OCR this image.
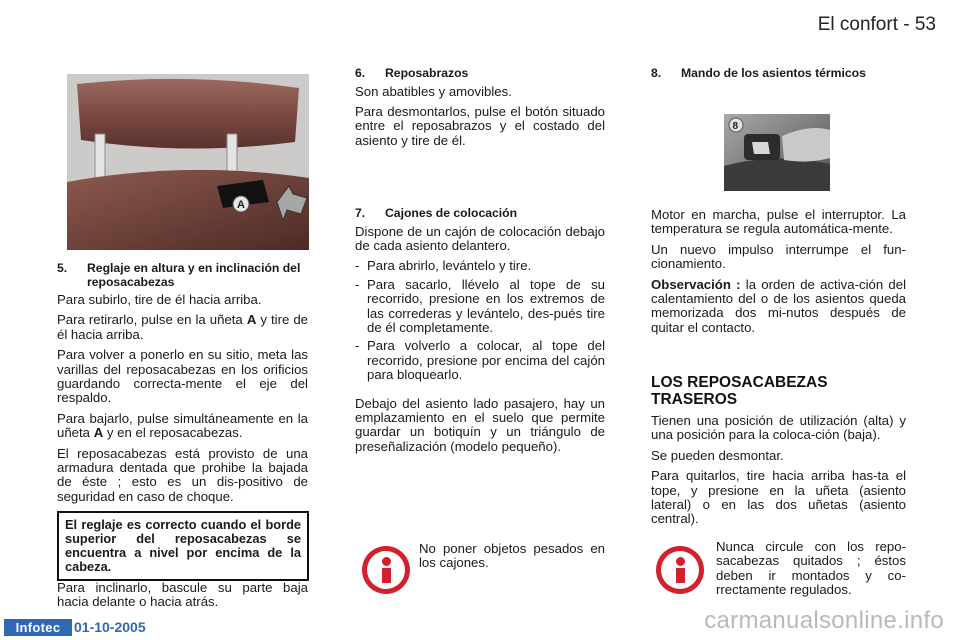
El confort - 53
A
5.	Reglaje en altura y en inclinación del reposacabezas

Para subirlo, tire de él hacia arriba.

Para retirarlo, pulse en la uñeta A y tire de él hacia arriba.

Para volver a ponerlo en su sitio, meta las varillas del reposacabezas en los orificios guardando correcta-mente el eje del respaldo.

Para bajarlo, pulse simultáneamente en la uñeta A y en el reposacabezas.

El reposacabezas está provisto de una armadura dentada que prohibe la bajada de éste ; esto es un dis-positivo de seguridad en caso de choque.

El reglaje es correcto cuando el borde superior del reposacabezas se encuentra a nivel por encima de la cabeza.

Para inclinarlo, bascule su parte baja hacia delante o hacia atrás.

6.	Reposabrazos

Son abatibles y amovibles.

Para desmontarlos, pulse el botón situado entre el reposabrazos y el costado del asiento y tire de él.

7.	Cajones de colocación

Dispone de un cajón de colocación debajo de cada asiento delantero.

- Para abrirlo, levántelo y tire.
- Para sacarlo, llévelo al tope de su recorrido, presione en los extremos de las correderas y levántelo, des-pués tire de él completamente.
- Para volverlo a colocar, al tope del recorrido, presione por encima del cajón para bloquearlo.

Debajo del asiento lado pasajero, hay un emplazamiento en el suelo que permite guardar un botiquín y un triángulo de preseñalización (modelo pequeño).

No poner objetos pesados en los cajones.
8.	Mando de los asientos térmicos
8

Motor en marcha, pulse el interruptor. La temperatura se regula automática-mente.

Un nuevo impulso interrumpe el fun-cionamiento.

Observación : la orden de activa-ción del calentamiento del o de los asientos queda memorizada dos mi-nutos después de quitar el contacto.

LOS REPOSACABEZAS TRASEROS

Tienen una posición de utilización (alta) y una posición para la coloca-ción (baja).

Se pueden desmontar.

Para quitarlos, tire hacia arriba has-ta el tope, y presione en la uñeta (asiento lateral) o en las dos uñetas (asiento central).

Nunca circule con los repo-sacabezas quitados ; éstos deben ir montados y co-rrectamente regulados.
Infotec 01-10-2005	carmanualsonline.info
